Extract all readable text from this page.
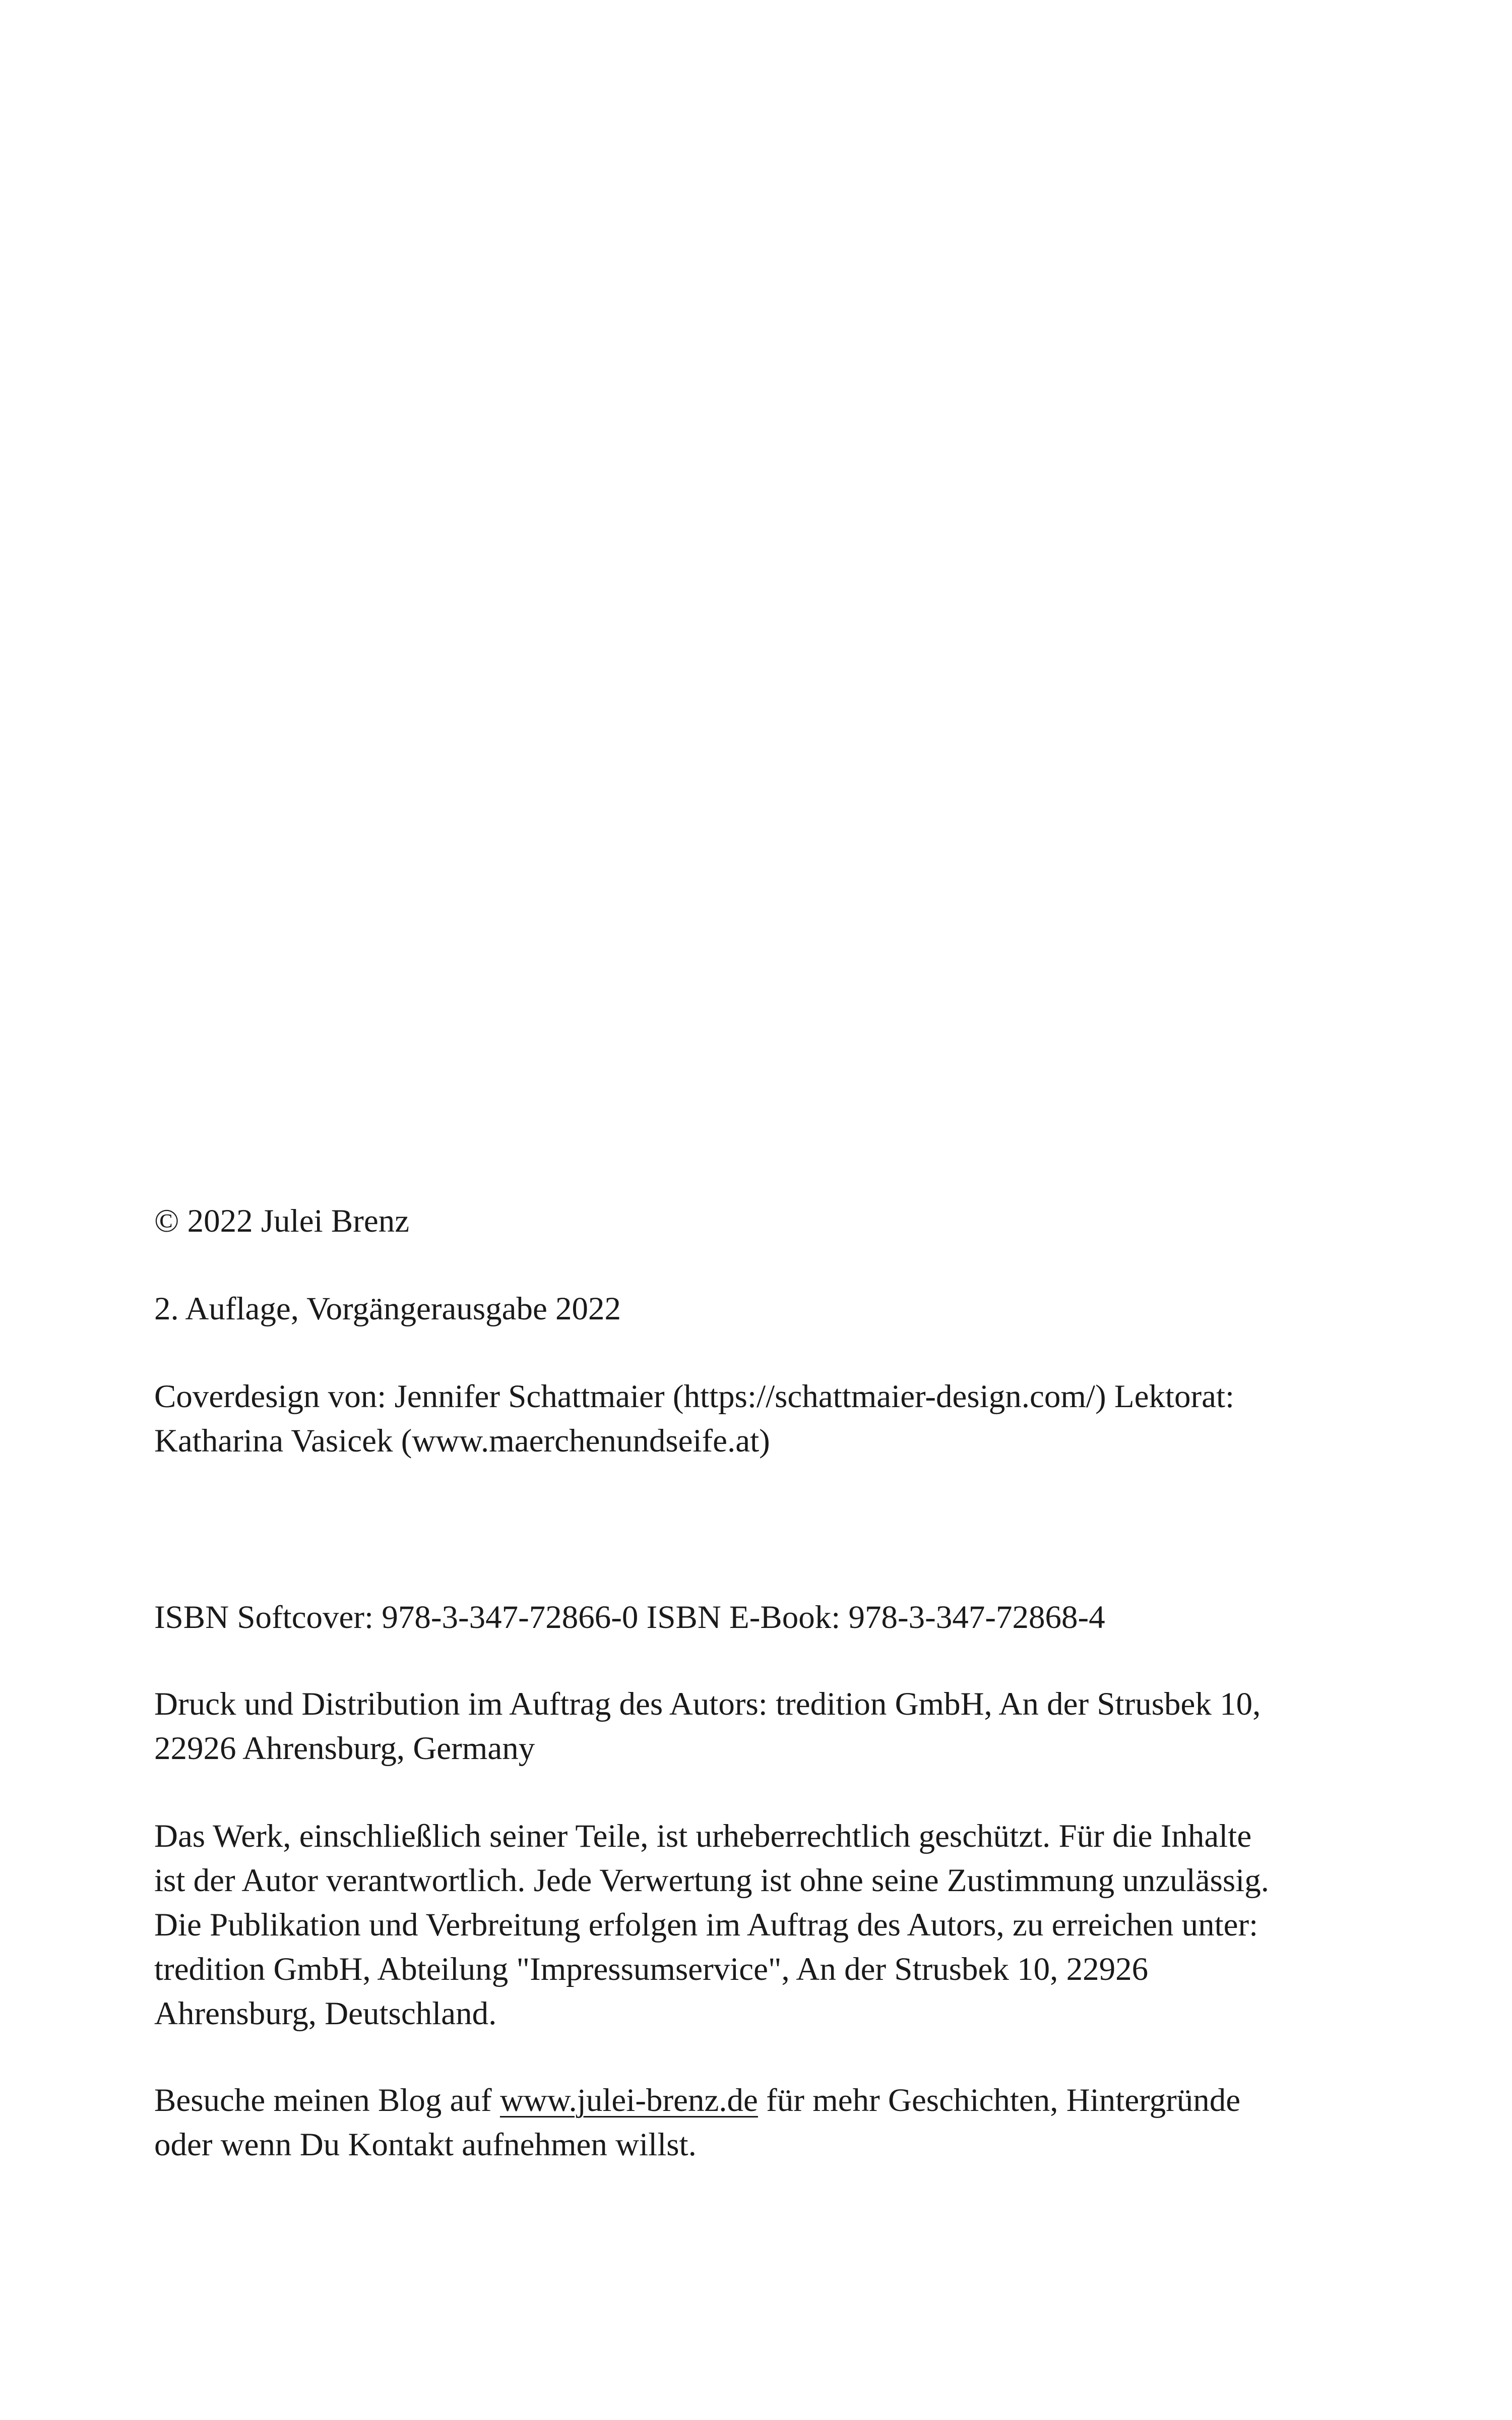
© 2022 Julei Brenz

2. Auflage, Vorgängerausgabe 2022

Coverdesign von: Jennifer Schattmaier (https://schattmaier-design.com/) Lektorat: Katharina Vasicek (www.maerchenundseife.at)

ISBN Softcover: 978-3-347-72866-0 ISBN E-Book: 978-3-347-72868-4

Druck und Distribution im Auftrag des Autors: tredition GmbH, An der Strusbek 10, 22926 Ahrensburg, Germany

Das Werk, einschließlich seiner Teile, ist urheberrechtlich geschützt. Für die Inhalte ist der Autor verantwortlich. Jede Verwertung ist ohne seine Zustimmung unzulässig. Die Publikation und Verbreitung erfolgen im Auftrag des Autors, zu erreichen unter: tredition GmbH, Abteilung "Impressumservice", An der Strusbek 10, 22926 Ahrensburg, Deutschland.

Besuche meinen Blog auf www.julei-brenz.de für mehr Geschichten, Hintergründe oder wenn Du Kontakt aufnehmen willst.
